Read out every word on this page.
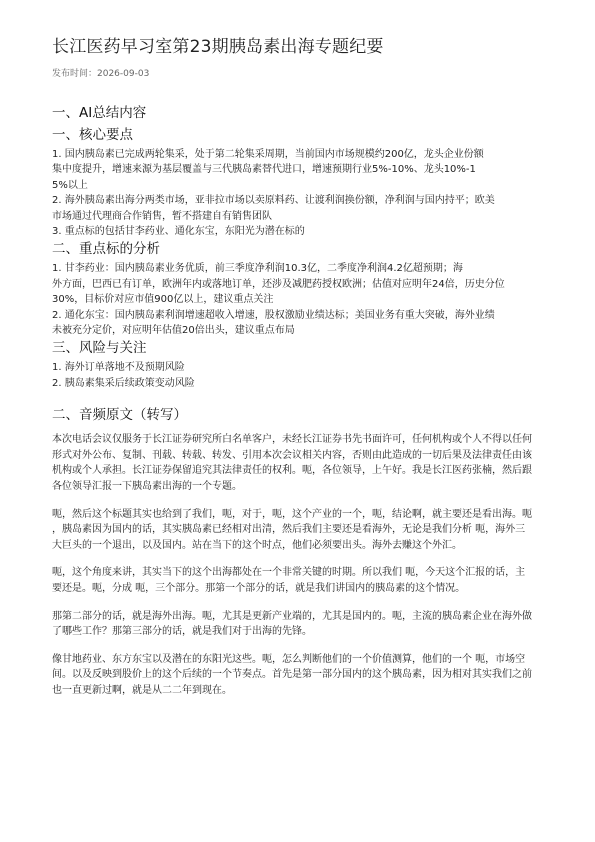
长江医药早习室第23期胰岛素出海专题纪要
发布时间：2026-09-03
一、AI总结内容
一、核心要点
1. 国内胰岛素已完成两轮集采，处于第二轮集采周期，当前国内市场规模约200亿，龙头企业份额
集中度提升，增速来源为基层覆盖与三代胰岛素替代进口，增速预期行业5%-10%、龙头10%-1
5%以上
2. 海外胰岛素出海分两类市场，亚非拉市场以卖原料药、让渡利润换份额，净利润与国内持平；欧美
市场通过代理商合作销售，暂不搭建自有销售团队
3. 重点标的包括甘李药业、通化东宝，东阳光为潜在标的
二、重点标的分析
1. 甘李药业：国内胰岛素业务优质，前三季度净利润10.3亿，二季度净利润4.2亿超预期；海
外方面，巴西已有订单，欧洲年内或落地订单，还涉及减肥药授权欧洲；估值对应明年24倍，历史分位
30%，目标价对应市值900亿以上，建议重点关注
2. 通化东宝：国内胰岛素利润增速超收入增速，股权激励业绩达标；美国业务有重大突破，海外业绩
未被充分定价，对应明年估值20倍出头，建议重点布局
三、风险与关注
1. 海外订单落地不及预期风险
2. 胰岛素集采后续政策变动风险
二、音频原文（转写）
本次电话会议仅服务于长江证券研究所白名单客户，未经长江证券书先书面许可，任何机构或个人不得以任何
形式对外公布、复制、刊载、转载、转发、引用本次会议相关内容，否则由此造成的一切后果及法律责任由该
机构或个人承担。长江证券保留追究其法律责任的权利。呃，各位领导，上午好。我是长江医药张楠，然后跟
各位领导汇报一下胰岛素出海的一个专题。
呃，然后这个标题其实也给到了我们，呃，对于，呃，这个产业的一个，呃，结论啊，就主要还是看出海。呃
，胰岛素因为国内的话，其实胰岛素已经相对出清，然后我们主要还是看海外，无论是我们分析 呃，海外三
大巨头的一个退出，以及国内。站在当下的这个时点，他们必须要出头。海外去赚这个外汇。
呃，这个角度来讲，其实当下的这个出海都处在一个非常关键的时期。所以我们 呃，今天这个汇报的话，主
要还是。呃，分成 呃，三个部分。那第一个部分的话，就是我们讲国内的胰岛素的这个情况。
那第二部分的话，就是海外出海。呃，尤其是更新产业端的，尤其是国内的。呃，主流的胰岛素企业在海外做
了哪些工作？那第三部分的话，就是我们对于出海的先锋。
像甘地药业、东方东宝以及潜在的东阳光这些。呃，怎么判断他们的一个价值测算，他们的一个 呃，市场空
间。以及反映到股价上的这个后续的一个节奏点。首先是第一部分国内的这个胰岛素，因为相对其实我们之前
也一直更新过啊，就是从二二年到现在。
